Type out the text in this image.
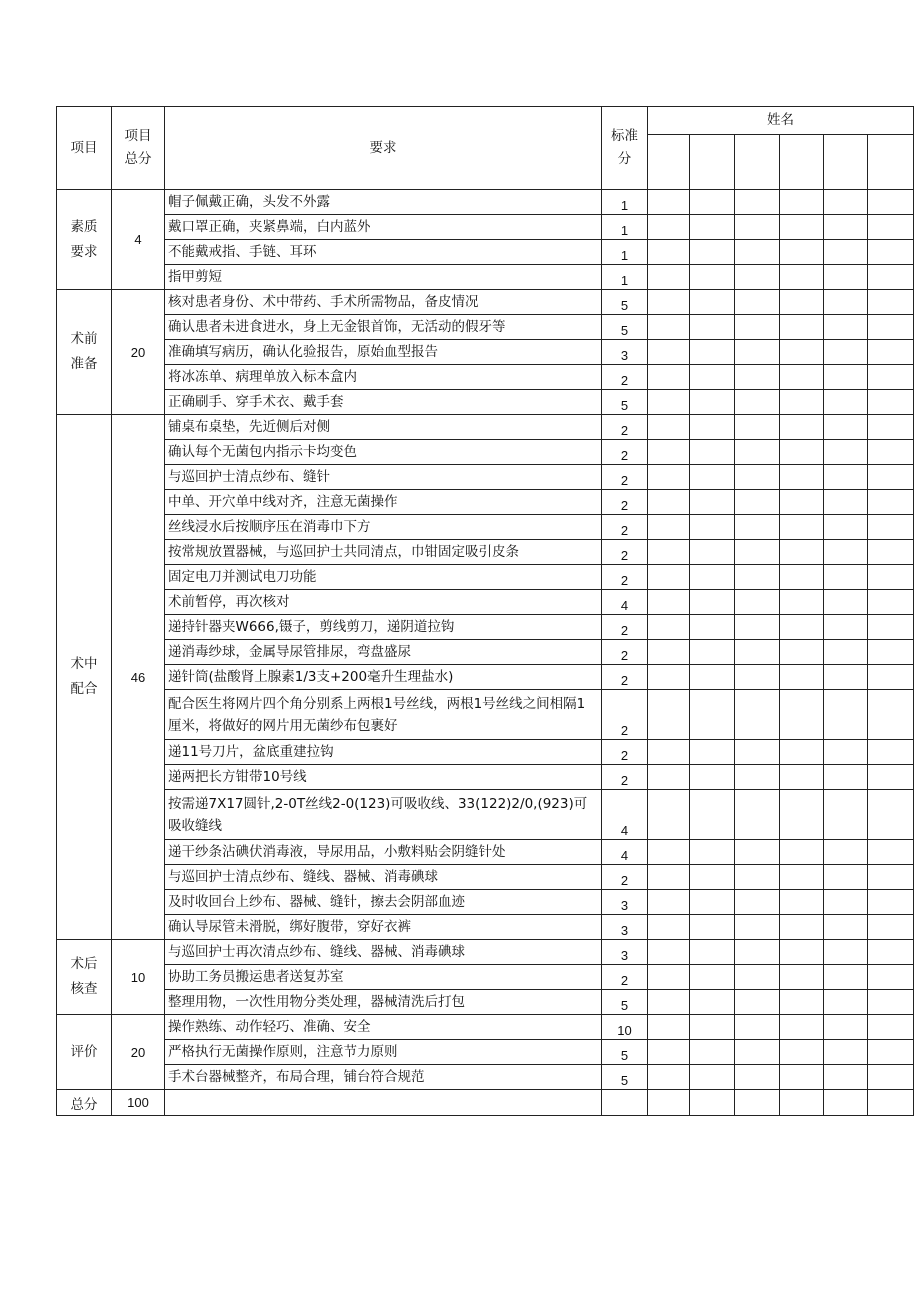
项目	项目总分	要求	标准分	姓名					

素质要求	4	帽子佩戴正确，头发不外露	1						
		戴口罩正确，夹紧鼻端，白内蓝外	1						
		不能戴戒指、手链、耳环	1						
		指甲剪短	1						

术前准备	20	核对患者身份、术中带药、手术所需物品，备皮情况	5						
		确认患者未进食进水，身上无金银首饰，无活动的假牙等	5						
		准确填写病历，确认化验报告，原始血型报告	3						
		将冰冻单、病理单放入标本盒内	2						
		正确刷手、穿手术衣、戴手套	5						

术中配合	46	铺桌布桌垫，先近侧后对侧	2						
		确认每个无菌包内指示卡均变色	2						
		与巡回护士清点纱布、缝针	2						
		中单、开穴单中线对齐，注意无菌操作	2						
		丝线浸水后按顺序压在消毒巾下方	2						
		按常规放置器械，与巡回护士共同清点，巾钳固定吸引皮条	2						
		固定电刀并测试电刀功能	2						
		术前暂停，再次核对	4						
		递持针器夹W666,镊子，剪线剪刀，递阴道拉钩	2						
		递消毒纱球，金属导尿管排尿，弯盘盛尿	2						
		递针筒(盐酸肾上腺素1/3支+200毫升生理盐水)	2						
		配合医生将网片四个角分别系上两根1号丝线，两根1号丝线之间相隔1厘米，将做好的网片用无菌纱布包裹好	2						
		递11号刀片，盆底重建拉钩	2						
		递两把长方钳带10号线	2						
		按需递7X17圆针,2-0T丝线2-0(123)可吸收线、33(122)2/0,(923)可吸收缝线	4						
		递干纱条沾碘伏消毒液，导尿用品，小敷料贴会阴缝针处	4						
		与巡回护士清点纱布、缝线、器械、消毒碘球	2						
		及时收回台上纱布、器械、缝针，擦去会阴部血迹	3						
		确认导尿管未滑脱，绑好腹带，穿好衣裤	3						

术后核查	10	与巡回护士再次清点纱布、缝线、器械、消毒碘球	3						
		协助工务员搬运患者送复苏室	2						
		整理用物，一次性用物分类处理，器械清洗后打包	5						

评价	20	操作熟练、动作轻巧、准确、安全	10						
		严格执行无菌操作原则，注意节力原则	5						
		手术台器械整齐，布局合理，铺台符合规范	5						
总分	100								
